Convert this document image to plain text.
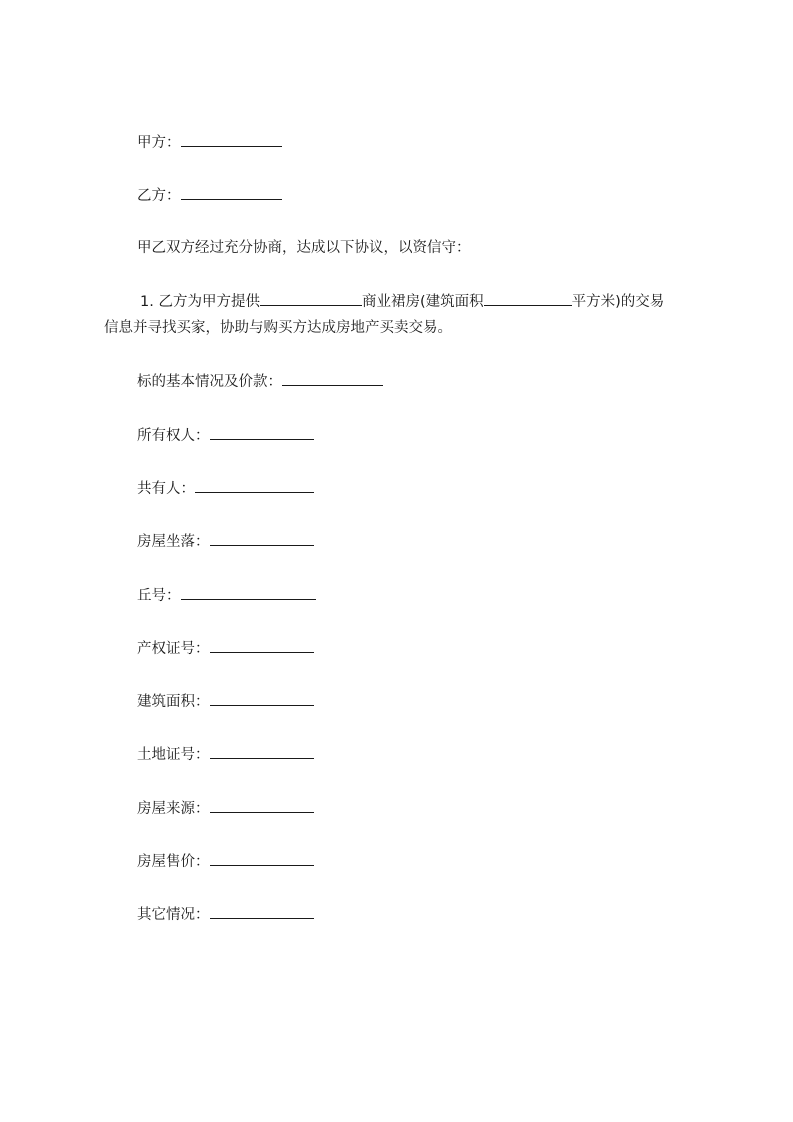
甲方：
乙方：
甲乙双方经过充分协商，达成以下协议，以资信守：
1. 乙方为甲方提供	商业裙房(建筑面积	平方米)的交易
信息并寻找买家，协助与购买方达成房地产买卖交易。
标的基本情况及价款：
所有权人：
共有人：
房屋坐落：
丘号：
产权证号：
建筑面积：
土地证号：
房屋来源：
房屋售价：
其它情况：
